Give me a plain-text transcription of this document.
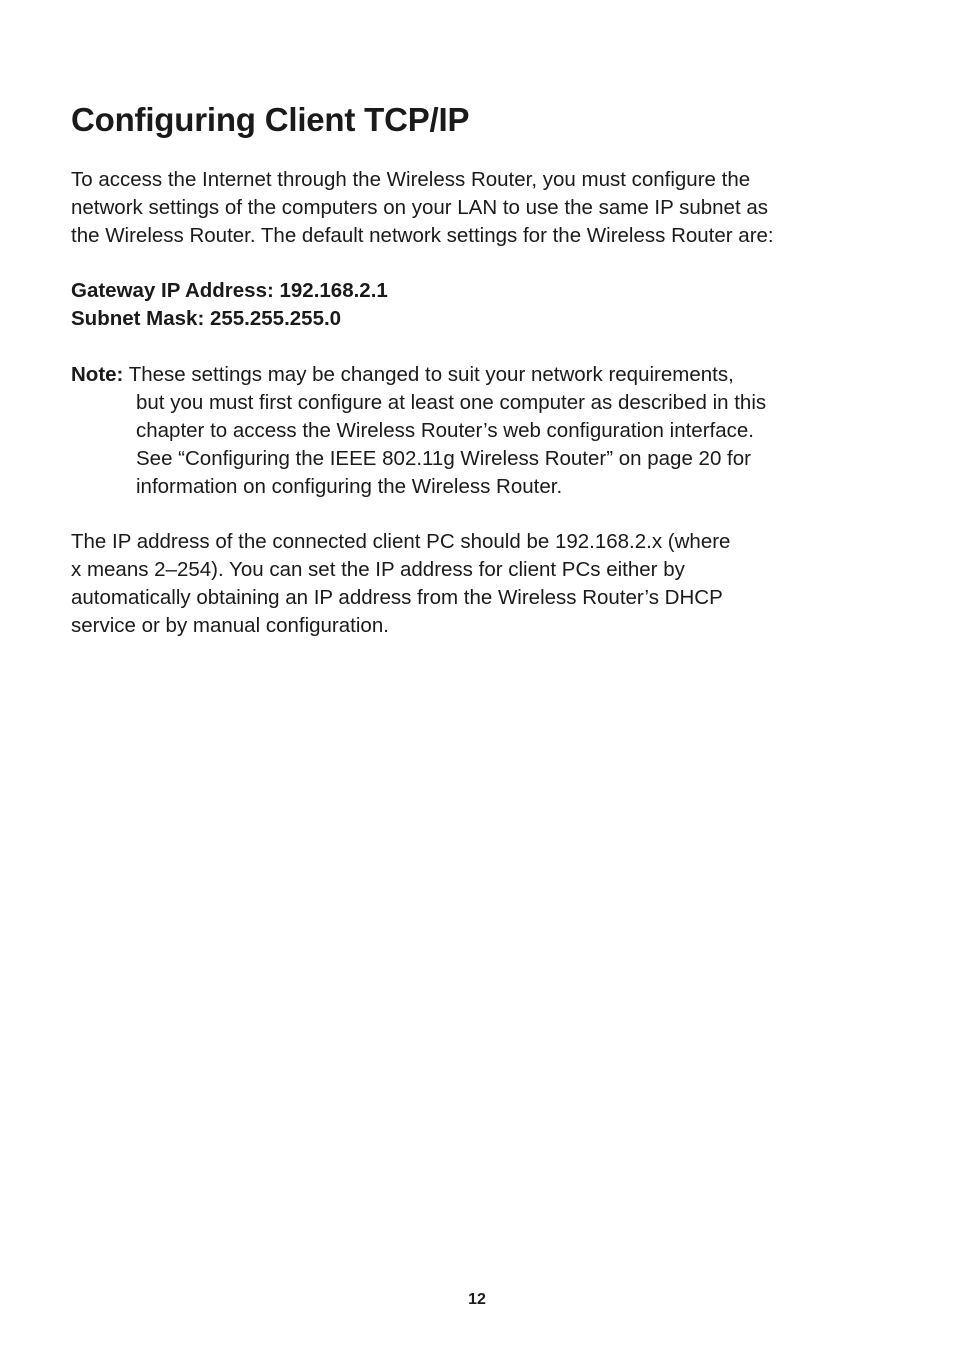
Configuring Client TCP/IP

To access the Internet through the Wireless Router, you must configure the
network settings of the computers on your LAN to use the same IP subnet as
the Wireless Router. The default network settings for the Wireless Router are:

Gateway IP Address: 192.168.2.1
Subnet Mask: 255.255.255.0

Note: These settings may be changed to suit your network requirements,
but you must first configure at least one computer as described in this
chapter to access the Wireless Router’s web configuration interface.
See “Configuring the IEEE 802.11g Wireless Router” on page 20 for
information on configuring the Wireless Router.

The IP address of the connected client PC should be 192.168.2.x (where
x means 2–254). You can set the IP address for client PCs either by
automatically obtaining an IP address from the Wireless Router’s DHCP
service or by manual configuration.

12
